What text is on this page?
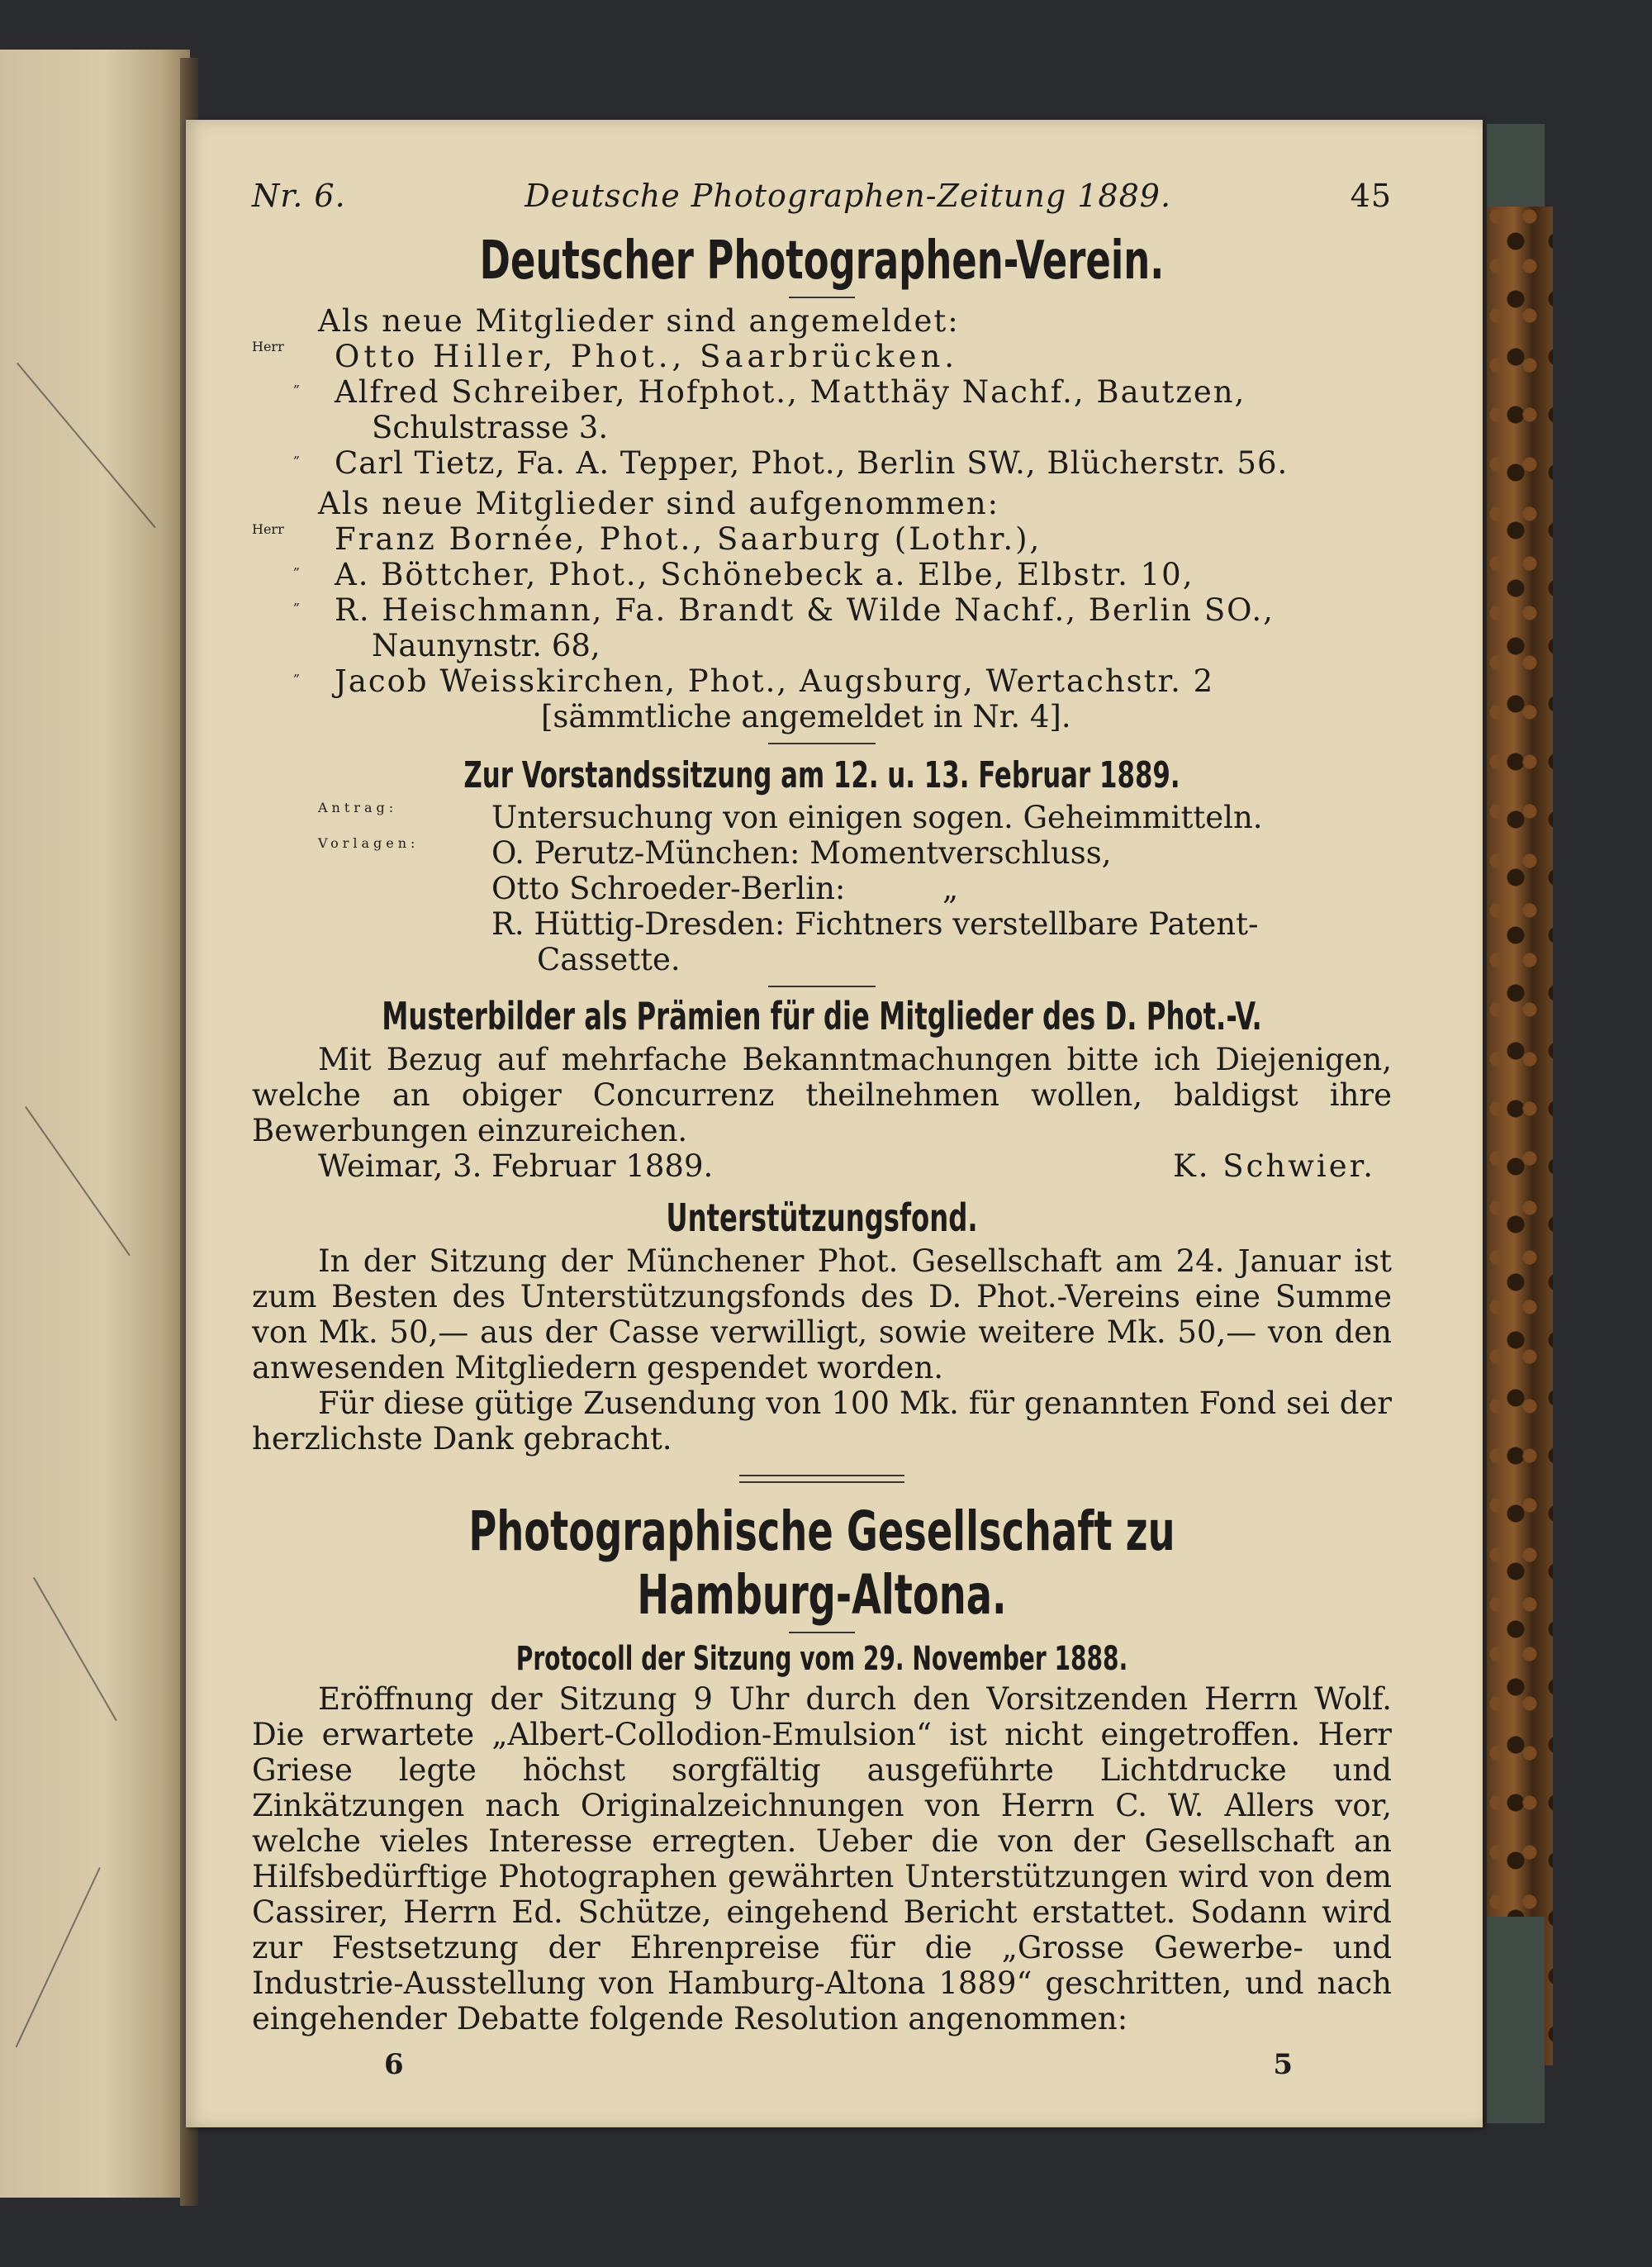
Nr. 6.	Deutsche Photographen-Zeitung 1889.	45
Deutscher Photographen-Verein.

Als neue Mitglieder sind angemeldet:

Herr	Otto Hiller, Phot., Saarbrücken.
„	Alfred Schreiber, Hofphot., Matthäy Nachf., Bautzen,

Schulstrasse 3.

„	Carl Tietz, Fa. A. Tepper, Phot., Berlin SW., Blücherstr. 56.

Als neue Mitglieder sind aufgenommen:

Herr	Franz Bornée, Phot., Saarburg (Lothr.),
„	A. Böttcher, Phot., Schönebeck a. Elbe, Elbstr. 10,
„	R. Heischmann, Fa. Brandt & Wilde Nachf., Berlin SO.,

Naunynstr. 68,

„	Jacob Weisskirchen, Phot., Augsburg, Wertachstr. 2

[sämmtliche angemeldet in Nr. 4].

Zur Vorstandssitzung am 12. u. 13. Februar 1889.
Antrag:	Untersuchung von einigen sogen. Geheimmitteln.
Vorlagen:	O. Perutz-München: Momentverschluss,

Otto Schroeder-Berlin:          „

R. Hüttig-Dresden: Fichtners verstellbare Patent-

Cassette.

Musterbilder als Prämien für die Mitglieder des D. Phot.-V.

Mit Bezug auf mehrfache Bekanntmachungen bitte ich Diejenigen, welche an obiger Concurrenz theilnehmen wollen, baldigst ihre Bewerbungen einzureichen.

Weimar, 3. Februar 1889.	K. Schwier.
Unterstützungsfond.

In der Sitzung der Münchener Phot. Gesellschaft am 24. Januar ist zum Besten des Unterstützungsfonds des D. Phot.-Vereins eine Summe von Mk. 50,— aus der Casse verwilligt, sowie weitere Mk. 50,— von den anwesenden Mitgliedern gespendet worden.

Für diese gütige Zusendung von 100 Mk. für genannten Fond sei der herzlichste Dank gebracht.

Photographische Gesellschaft zu Hamburg-Altona.
Protocoll der Sitzung vom 29. November 1888.

Eröffnung der Sitzung 9 Uhr durch den Vorsitzenden Herrn Wolf. Die erwartete „Albert-Collodion-Emulsion“ ist nicht eingetroffen. Herr Griese legte höchst sorgfältig ausgeführte Lichtdrucke und Zinkätzungen nach Originalzeichnungen von Herrn C. W. Allers vor, welche vieles Interesse erregten. Ueber die von der Gesellschaft an Hilfsbedürftige Photographen gewährten Unterstützungen wird von dem Cassirer, Herrn Ed. Schütze, eingehend Bericht erstattet. Sodann wird zur Festsetzung der Ehrenpreise für die „Grosse Gewerbe- und Industrie-Ausstellung von Hamburg-Altona 1889“ geschritten, und nach eingehender Debatte folgende Resolution angenommen:

6	5
